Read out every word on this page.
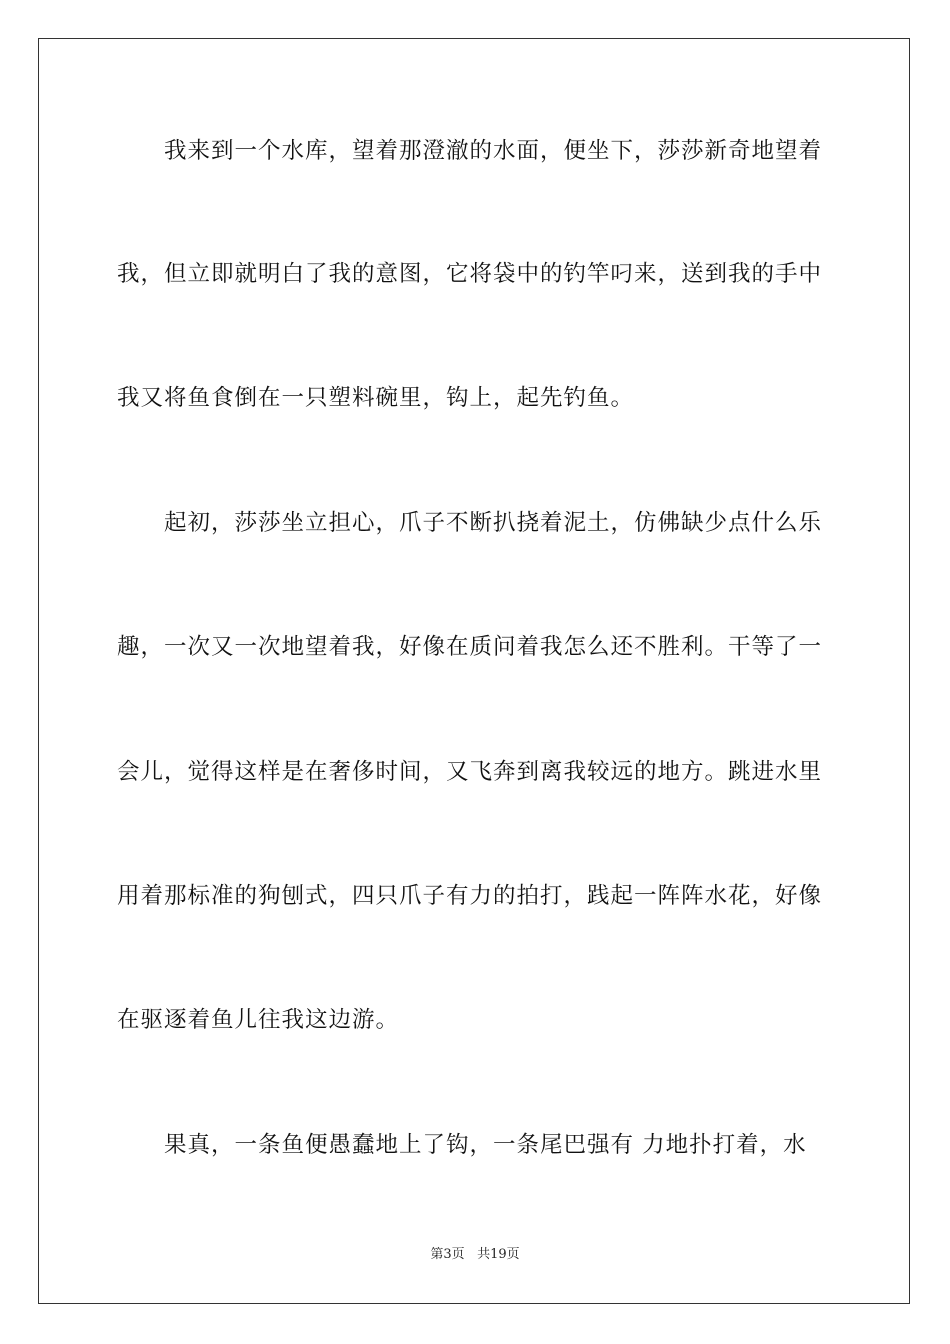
我来到一个水库，望着那澄澈的水面，便坐下，莎莎新奇地望着
我，但立即就明白了我的意图，它将袋中的钓竿叼来，送到我的手中
我又将鱼食倒在一只塑料碗里，钩上，起先钓鱼。
起初，莎莎坐立担心，爪子不断扒挠着泥土，仿佛缺少点什么乐
趣，一次又一次地望着我，好像在质问着我怎么还不胜利。干等了一
会儿，觉得这样是在奢侈时间，又飞奔到离我较远的地方。跳进水里
用着那标准的狗刨式，四只爪子有力的拍打，践起一阵阵水花，好像
在驱逐着鱼儿往我这边游。
果真，一条鱼便愚蠢地上了钩，一条尾巴强有 力地扑打着，水
第3页 共19页
